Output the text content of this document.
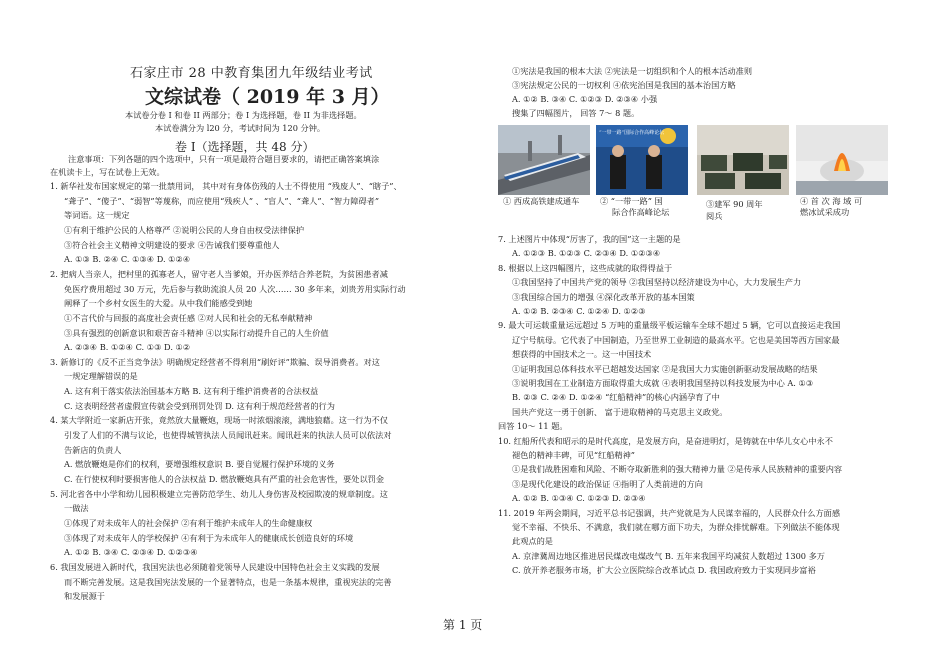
石家庄市 28 中教育集团九年级结业考试
文综试卷（ 2019 年 3 月）
本试卷分卷 I 和卷 II 两部分；卷 I 为选择题，卷 II 为非选择题。
本试卷满分为 l20 分，考试时间为 120 分钟。
卷 I（选择题，共 48 分）
注意事项：下列各题的四个选项中，只有一项是最符合题目要求的，请把正确答案填涂
在机读卡上，写在试卷上无效。
1. 新华社发布国家规定的第一批禁用词， 其中对有身体伤残的人士不得使用 “残废人”、“瞎子”、
“聋子”、“傻子”、“弱智”等蔑称，而应使用“残疾人” 、“盲人”、“聋人”、“智力障碍者”
等词语。这一规定
①有利于维护公民的人格尊严 ②说明公民的人身自由权受法律保护
③符合社会主义精神文明建设的要求 ④告诫我们要尊重他人
A. ①③ B. ②④ C. ①③④ D. ①②④
2. 把病人当亲人，把村里的孤寡老人，留守老人当爹娘，开办医养结合养老院，为贫困患者减
免医疗费用超过 30 万元，先后参与救助流浪人员 20 人次…… 30 多年来，刘贵芳用实际行动
阐释了一个乡村女医生的大爱。从中我们能感受到她
①不言代价与回报的高度社会责任感 ②对人民和社会的无私奉献精神
③具有强烈的创新意识和艰苦奋斗精神 ④以实际行动提升自己的人生价值
A. ②③④ B. ①②④ C. ①③ D. ①②
3. 新修订的《反不正当竞争法》明确规定经营者不得利用“刷好评”欺骗、误导消费者。对这
一规定理解错误的是
A. 这有利于落实依法治国基本方略 B. 这有利于维护消费者的合法权益
C. 这表明经营者虚假宣传就会受到刑罚处罚 D. 这有利于规范经营者的行为
4. 某大学附近一家新店开张，竟然放大量鞭炮，现场一时浓烟滚滚，满地狼藉。这一行为不仅
引发了人们的不满与议论，也使得城管执法人员闻讯赶来。闻讯赶来的执法人员可以依法对
告新店的负责人
A. 燃放鞭炮是你们的权利，要增强维权意识 B. 要自觉履行保护环境的义务
C. 在行使权利时要损害他人的合法权益 D. 燃放鞭炮具有严重的社会危害性，要处以罚金
5. 河北省各中小学和幼儿园积极建立完善防范学生、幼儿人身伤害及校园欺凌的规章制度。这
一做法
①体现了对未成年人的社会保护 ②有利于维护未成年人的生命健康权
③体现了对未成年人的学校保护 ④有利于为未成年人的健康成长创造良好的环境
A. ①② B. ③④ C. ②③④ D. ①②③④
6. 我国发展进入新时代，我国宪法也必须随着党领导人民建设中国特色社会主义实践的发展
而不断完善发展。这是我国宪法发展的一个显著特点，也是一条基本规律，重视宪法的完善
和发展源于
①宪法是我国的根本大法 ②宪法是一切组织和个人的根本活动准则
③宪法规定公民的一切权利 ④依宪治国是我国的基本治国方略
A. ①② B. ③④ C. ①②③ D. ②③④ 小强
搜集了四幅图片， 回答 7～ 8 题。
“一带一路”国际合作高峰论坛
① 西成高铁建成通车	② “一带一路” 国
际合作高峰论坛
③建军 90 周年
阅兵
④ 首 次 海 域 可
燃冰试采成功
7. 上述图片中体现“厉害了，我的国”这一主题的是
A. ①②③ B. ①②③ C. ②③④ D. ①②③④
8. 根据以上这四幅图片，这些成就的取得得益于
①我国坚持了中国共产党的领导 ②我国坚持以经济建设为中心，大力发展生产力
③我国综合国力的增强 ④深化改革开放的基本国策
A. ①② B. ②③④ C. ①②④ D. ①②③
9. 最大可运载重量运远超过 5 万吨的重量级平板运输车全球不超过 5 辆，它可以直接运走我国
辽宁号航母。它代表了中国制造，乃至世界工业制造的最高水平。它也是美国等西方国家最
想获得的中国技术之一。这一中国技术
①证明我国总体科技水平已超越发达国家 ②是我国大力实施创新驱动发展战略的结果
③说明我国在工业制造方面取得重大成就 ④表明我国坚持以科技发展为中心 A. ①③
B. ②③ C. ②④ D. ①②④ “红船精神”的核心内涵孕育了中
国共产党这一勇于创新、 富于进取精神的马克思主义政党。
回答 10～ 11 题。
10. 红船所代表和昭示的是时代高度，是发展方向，是奋进明灯，是铸就在中华儿女心中永不
褪色的精神丰碑，可见“红船精神”
①是我们战胜困难和风险、不断夺取新胜利的强大精神力量 ②是传承人民族精神的重要内容
③是现代化建设的政治保证 ④指明了人类前进的方向
A. ①② B. ①③④ C. ①②③ D. ②③④
11. 2019 年两会期间，习近平总书记强调，共产党就是为人民谋幸福的，人民群众什么方面感
觉不幸福、不快乐、不满意，我们就在哪方面下功夫，为群众排忧解难。下列做法不能体现
此观点的是
A. 京津冀周边地区推进居民煤改电煤改气 B. 五年来我国平均减贫人数超过 1300 多万
C. 放开养老服务市场，扩大公立医院综合改革试点 D. 我国政府致力于实现同步富裕
第 1 页
